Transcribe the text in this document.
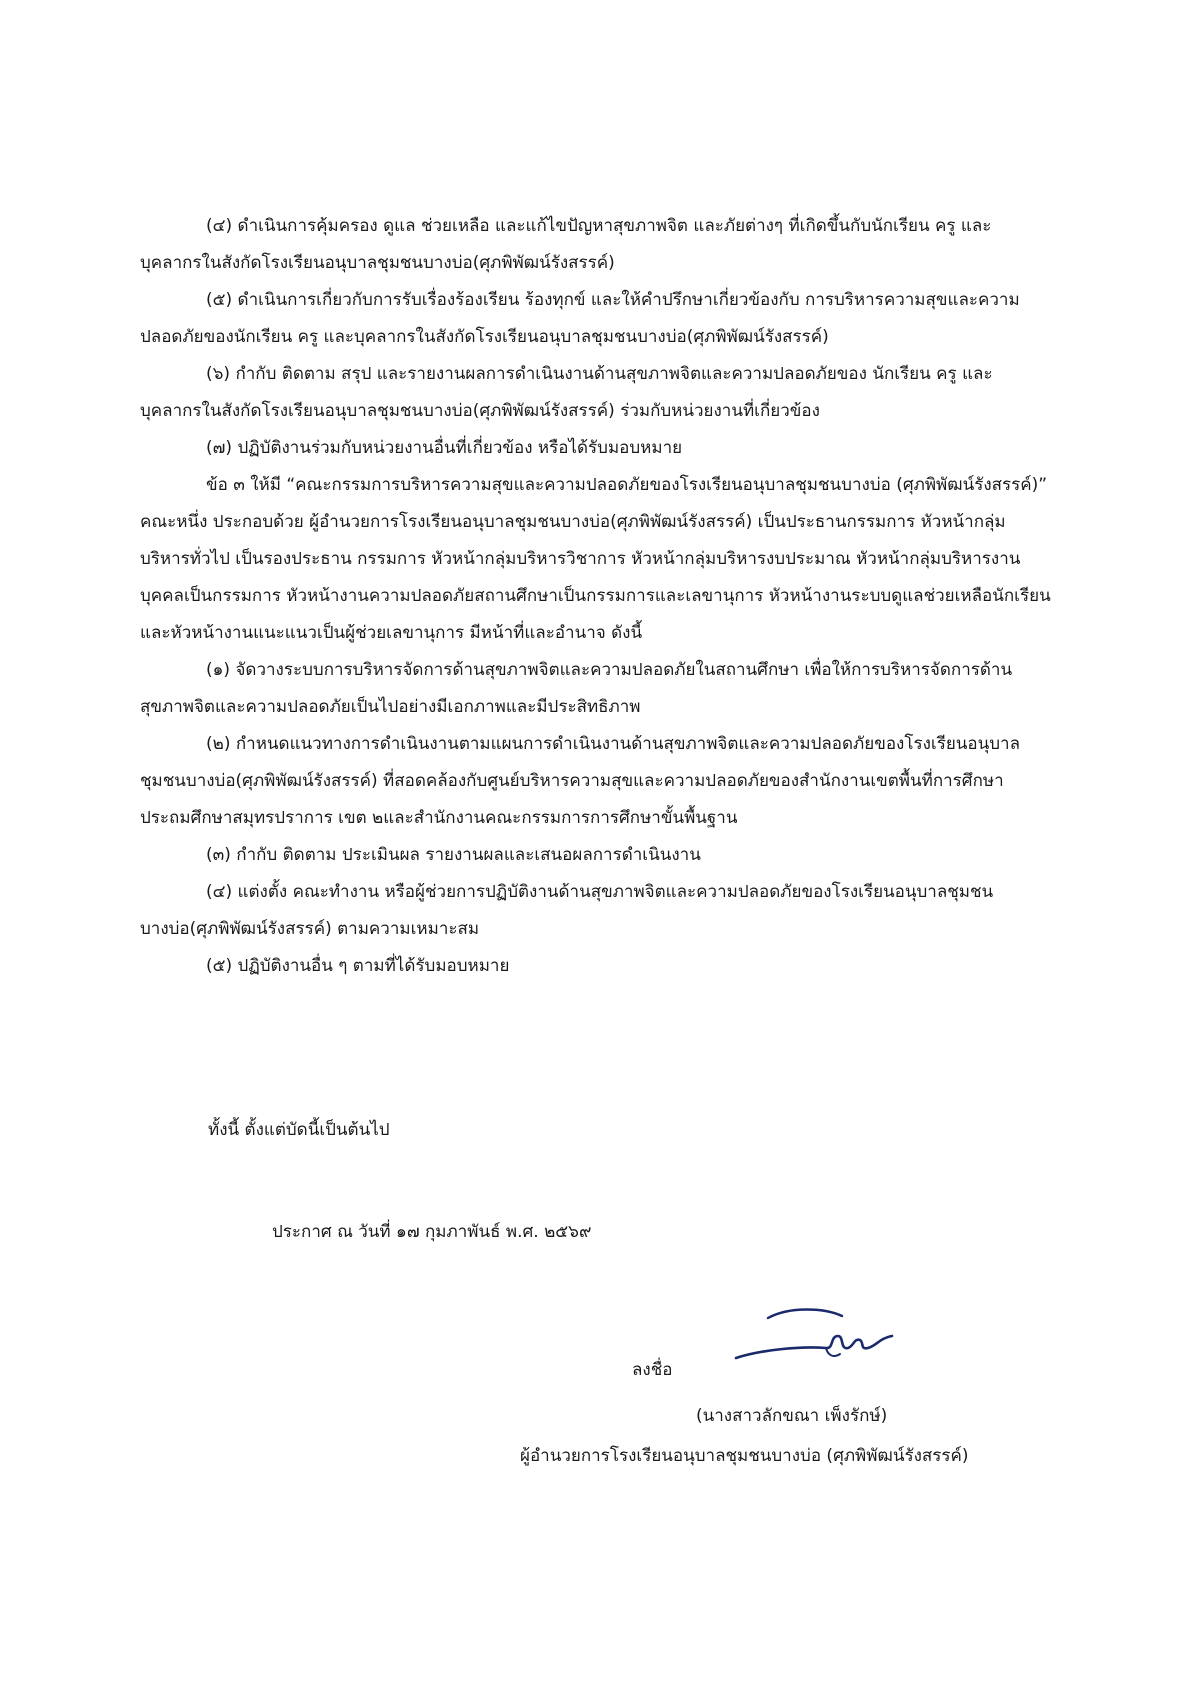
(๔) ดำเนินการคุ้มครอง ดูแล ช่วยเหลือ และแก้ไขปัญหาสุขภาพจิต และภัยต่างๆ ที่เกิดขึ้นกับนักเรียน ครู และบุคลากรในสังกัดโรงเรียนอนุบาลชุมชนบางบ่อ(ศุภพิพัฒน์รังสรรค์)

(๕) ดำเนินการเกี่ยวกับการรับเรื่องร้องเรียน ร้องทุกข์ และให้คำปรึกษาเกี่ยวข้องกับ การบริหารความสุขและความปลอดภัยของนักเรียน ครู และบุคลากรในสังกัดโรงเรียนอนุบาลชุมชนบางบ่อ(ศุภพิพัฒน์รังสรรค์)

(๖) กำกับ ติดตาม สรุป และรายงานผลการดำเนินงานด้านสุขภาพจิตและความปลอดภัยของ นักเรียน ครู และบุคลากรในสังกัดโรงเรียนอนุบาลชุมชนบางบ่อ(ศุภพิพัฒน์รังสรรค์) ร่วมกับหน่วยงานที่เกี่ยวข้อง

(๗) ปฏิบัติงานร่วมกับหน่วยงานอื่นที่เกี่ยวข้อง หรือได้รับมอบหมาย

ข้อ ๓ ให้มี “คณะกรรมการบริหารความสุขและความปลอดภัยของโรงเรียนอนุบาลชุมชนบางบ่อ (ศุภพิพัฒน์รังสรรค์)” คณะหนึ่ง ประกอบด้วย ผู้อำนวยการโรงเรียนอนุบาลชุมชนบางบ่อ(ศุภพิพัฒน์รังสรรค์) เป็นประธานกรรมการ หัวหน้ากลุ่มบริหารทั่วไป เป็นรองประธาน กรรมการ หัวหน้ากลุ่มบริหารวิชาการ หัวหน้ากลุ่มบริหารงบประมาณ หัวหน้ากลุ่มบริหารงานบุคคลเป็นกรรมการ หัวหน้างานความปลอดภัยสถานศึกษาเป็นกรรมการและเลขานุการ หัวหน้างานระบบดูแลช่วยเหลือนักเรียน และหัวหน้างานแนะแนวเป็นผู้ช่วยเลขานุการ มีหน้าที่และอำนาจ ดังนี้

(๑) จัดวางระบบการบริหารจัดการด้านสุขภาพจิตและความปลอดภัยในสถานศึกษา เพื่อให้การบริหารจัดการด้านสุขภาพจิตและความปลอดภัยเป็นไปอย่างมีเอกภาพและมีประสิทธิภาพ

(๒) กำหนดแนวทางการดำเนินงานตามแผนการดำเนินงานด้านสุขภาพจิตและความปลอดภัยของโรงเรียนอนุบาลชุมชนบางบ่อ(ศุภพิพัฒน์รังสรรค์) ที่สอดคล้องกับศูนย์บริหารความสุขและความปลอดภัยของสำนักงานเขตพื้นที่การศึกษาประถมศึกษาสมุทรปราการ เขต ๒และสำนักงานคณะกรรมการการศึกษาขั้นพื้นฐาน

(๓) กำกับ ติดตาม ประเมินผล รายงานผลและเสนอผลการดำเนินงาน

(๔) แต่งตั้ง คณะทำงาน หรือผู้ช่วยการปฏิบัติงานด้านสุขภาพจิตและความปลอดภัยของโรงเรียนอนุบาลชุมชนบางบ่อ(ศุภพิพัฒน์รังสรรค์) ตามความเหมาะสม

(๕) ปฏิบัติงานอื่น ๆ ตามที่ได้รับมอบหมาย

ทั้งนี้ ตั้งแต่บัดนี้เป็นต้นไป
ประกาศ ณ วันที่ ๑๗ กุมภาพันธ์ พ.ศ. ๒๕๖๙
ลงชื่อ
(นางสาวลักขณา เพ็งรักษ์)
ผู้อำนวยการโรงเรียนอนุบาลชุมชนบางบ่อ (ศุภพิพัฒน์รังสรรค์)
